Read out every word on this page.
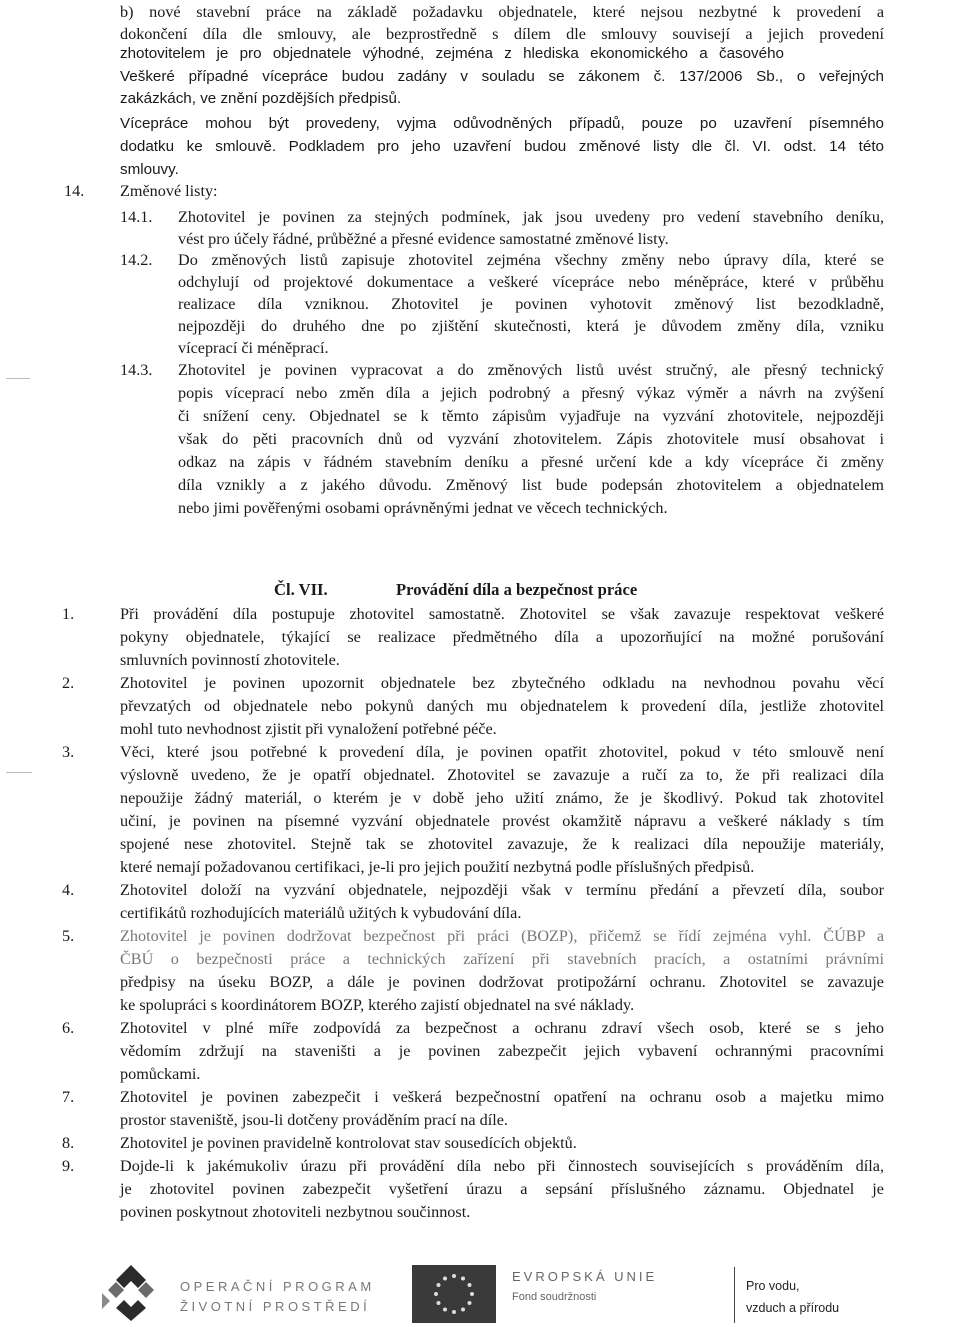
b) nové stavební práce na základě požadavku objednatele, které nejsou nezbytné k provedení a
dokončení díla dle smlouvy, ale bezprostředně s dílem dle smlouvy souvisejí a jejich provedení
zhotovitelem je pro objednatele výhodné, zejména z hlediska ekonomického a časového
Veškeré případné vícepráce budou zadány v souladu se zákonem č. 137/2006 Sb., o veřejných
zakázkách, ve znění pozdějších předpisů.
Vícepráce mohou být provedeny, vyjma odůvodněných případů, pouze po uzavření písemného
dodatku ke smlouvě. Podkladem pro jeho uzavření budou změnové listy dle čl. VI. odst. 14 této
smlouvy.
14. Změnové listy:
14.1. Zhotovitel je povinen za stejných podmínek, jak jsou uvedeny pro vedení stavebního deníku,
vést pro účely řádné, průběžné a přesné evidence samostatné změnové listy.
14.2. Do změnových listů zapisuje zhotovitel zejména všechny změny nebo úpravy díla, které se
odchylují od projektové dokumentace a veškeré vícepráce nebo méněpráce, které v průběhu
realizace díla vzniknou. Zhotovitel je povinen vyhotovit změnový list bezodkladně,
nejpozději do druhého dne po zjištění skutečnosti, která je důvodem změny díla, vzniku
víceprací či méněprací.
14.3. Zhotovitel je povinen vypracovat a do změnových listů uvést stručný, ale přesný technický
popis víceprací nebo změn díla a jejich podrobný a přesný výkaz výměr a návrh na zvýšení
či snížení ceny. Objednatel se k těmto zápisům vyjadřuje na vyzvání zhotovitele, nejpozději
však do pěti pracovních dnů od vyzvání zhotovitelem. Zápis zhotovitele musí obsahovat i
odkaz na zápis v řádném stavebním deníku a přesné určení kde a kdy vícepráce či změny
díla vznikly a z jakého důvodu. Změnový list bude podepsán zhotovitelem a objednatelem
nebo jimi pověřenými osobami oprávněnými jednat ve věcech technických.
Čl. VII.	Provádění díla a bezpečnost práce
1.	Při provádění díla postupuje zhotovitel samostatně. Zhotovitel se však zavazuje respektovat veškeré
pokyny objednatele, týkající se realizace předmětného díla a upozorňující na možné porušování
smluvních povinností zhotovitele.
2.	Zhotovitel je povinen upozornit objednatele bez zbytečného odkladu na nevhodnou povahu věcí
převzatých od objednatele nebo pokynů daných mu objednatelem k provedení díla, jestliže zhotovitel
mohl tuto nevhodnost zjistit při vynaložení potřebné péče.
3.	Věci, které jsou potřebné k provedení díla, je povinen opatřit zhotovitel, pokud v této smlouvě není
výslovně uvedeno, že je opatří objednatel. Zhotovitel se zavazuje a ručí za to, že při realizaci díla
nepoužije žádný materiál, o kterém je v době jeho užití známo, že je škodlivý. Pokud tak zhotovitel
učiní, je povinen na písemné vyzvání objednatele provést okamžitě nápravu a veškeré náklady s tím
spojené nese zhotovitel. Stejně tak se zhotovitel zavazuje, že k realizaci díla nepoužije materiály,
které nemají požadovanou certifikaci, je-li pro jejich použití nezbytná podle příslušných předpisů.
4.	Zhotovitel doloží na vyzvání objednatele, nejpozději však v termínu předání a převzetí díla, soubor
certifikátů rozhodujících materiálů užitých k vybudování díla.
5.	Zhotovitel je povinen dodržovat bezpečnost při práci (BOZP), přičemž se řídí zejména vyhl. ČÚBP a
ČBÚ o bezpečnosti práce a technických zařízení při stavebních pracích, a ostatními právními
předpisy na úseku BOZP, a dále je povinen dodržovat protipožární ochranu. Zhotovitel se zavazuje
ke spolupráci s koordinátorem BOZP, kterého zajistí objednatel na své náklady.
6.	Zhotovitel v plné míře zodpovídá za bezpečnost a ochranu zdraví všech osob, které se s jeho
vědomím zdržují na staveništi a je povinen zabezpečit jejich vybavení ochrannými pracovními
pomůckami.
7.	Zhotovitel je povinen zabezpečit i veškerá bezpečnostní opatření na ochranu osob a majetku mimo
prostor staveniště, jsou-li dotčeny prováděním prací na díle.
8.	Zhotovitel je povinen pravidelně kontrolovat stav sousedících objektů.
9.	Dojde-li k jakémukoliv úrazu při provádění díla nebo při činnostech souvisejících s prováděním díla,
je zhotovitel povinen zabezpečit vyšetření úrazu a sepsání příslušného záznamu. Objednatel je
povinen poskytnout zhotoviteli nezbytnou součinnost.
OPERAČNÍ PROGRAM
ŽIVOTNÍ PROSTŘEDÍ
EVROPSKÁ UNIE
Fond soudržnosti
Pro vodu,
vzduch a přírodu
